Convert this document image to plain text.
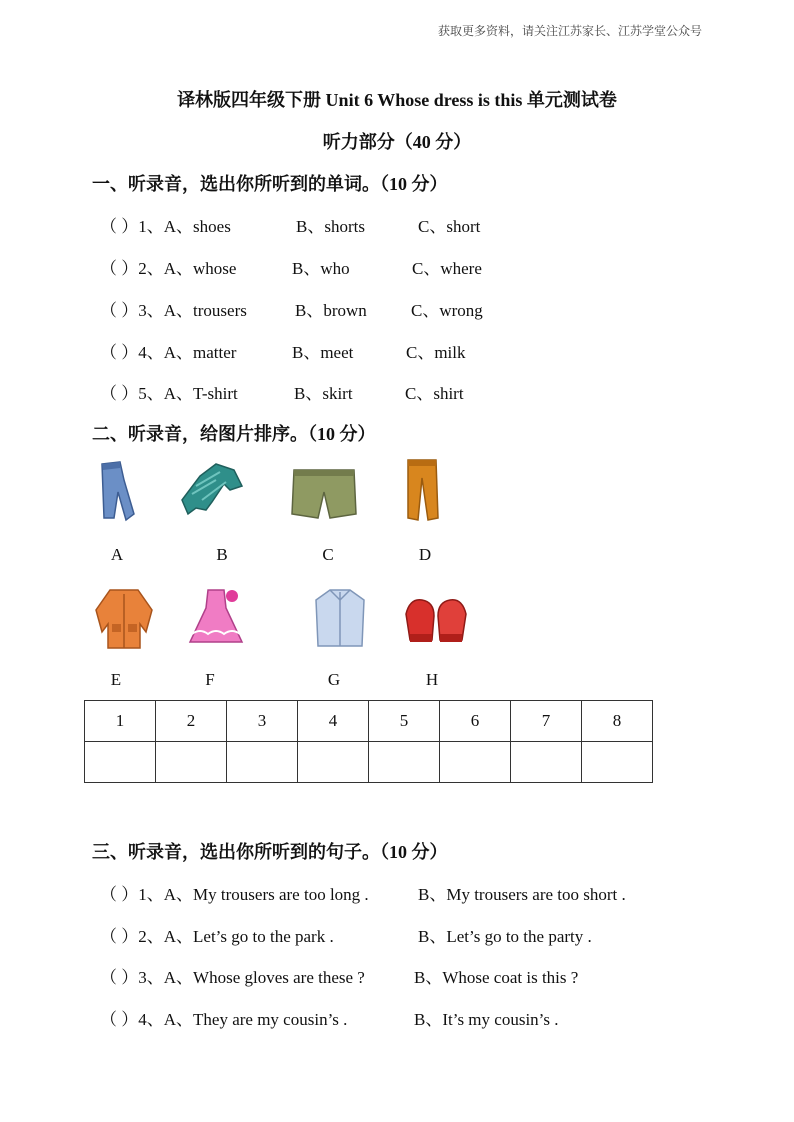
获取更多资料，请关注江苏家长、江苏学堂公众号
译林版四年级下册 Unit 6 Whose dress is this 单元测试卷
听力部分（40 分）
一、听录音，选出你所听到的单词。（10 分）
（ ）1、A、shoes	B、shorts	C、short
（ ）2、A、whose	B、who	C、where
（ ）3、A、trousers	B、brown	C、wrong
（ ）4、A、matter	B、meet	C、milk
（ ）5、A、T-shirt	B、skirt	C、shirt
二、听录音，给图片排序。（10 分）
A	B	C	D
E	F	G	H
1	2	3	4	5	6	7	8

三、听录音，选出你所听到的句子。（10 分）
（ ）1、A、My trousers are too long .	B、My trousers are too short .
（ ）2、A、Let’s go to the park .	B、Let’s go to the party .
（ ）3、A、Whose gloves are these ?	B、Whose coat is this ?
（ ）4、A、They are my cousin’s .	B、It’s my cousin’s .
